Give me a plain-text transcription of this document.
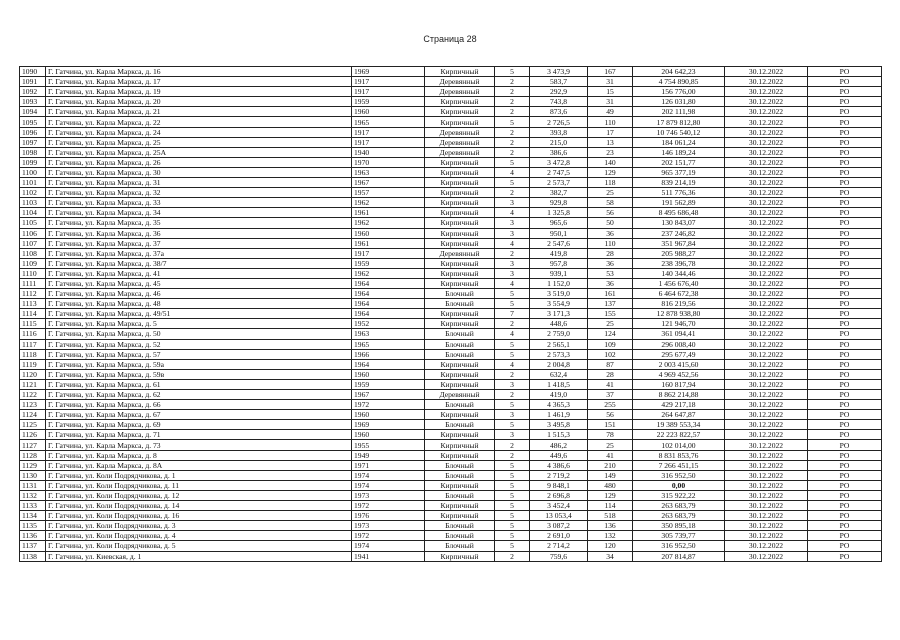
Страница 28
1090	Г. Гатчина, ул. Карла Маркса, д. 16	1969	Кирпичный	5	3 473,9	167	204 642,23	30.12.2022	РО
1091	Г. Гатчина, ул. Карла Маркса, д. 17	1917	Деревянный	2	583,7	31	4 754 890,85	30.12.2022	РО
1092	Г. Гатчина, ул. Карла Маркса, д. 19	1917	Деревянный	2	292,9	15	156 776,00	30.12.2022	РО
1093	Г. Гатчина, ул. Карла Маркса, д. 20	1959	Кирпичный	2	743,8	31	126 031,80	30.12.2022	РО
1094	Г. Гатчина, ул. Карла Маркса, д. 21	1960	Кирпичный	2	873,6	49	202 111,98	30.12.2022	РО
1095	Г. Гатчина, ул. Карла Маркса, д. 22	1965	Кирпичный	5	2 726,5	110	17 879 812,80	30.12.2022	РО
1096	Г. Гатчина, ул. Карла Маркса, д. 24	1917	Деревянный	2	393,8	17	10 746 540,12	30.12.2022	РО
1097	Г. Гатчина, ул. Карла Маркса, д. 25	1917	Деревянный	2	215,0	13	184 061,24	30.12.2022	РО
1098	Г. Гатчина, ул. Карла Маркса, д. 25А	1940	Деревянный	2	386,6	23	146 189,24	30.12.2022	РО
1099	Г. Гатчина, ул. Карла Маркса, д. 26	1970	Кирпичный	5	3 472,8	140	202 151,77	30.12.2022	РО
1100	Г. Гатчина, ул. Карла Маркса, д. 30	1963	Кирпичный	4	2 747,5	129	965 377,19	30.12.2022	РО
1101	Г. Гатчина, ул. Карла Маркса, д. 31	1967	Кирпичный	5	2 573,7	118	839 214,19	30.12.2022	РО
1102	Г. Гатчина, ул. Карла Маркса, д. 32	1957	Кирпичный	2	382,7	25	511 776,36	30.12.2022	РО
1103	Г. Гатчина, ул. Карла Маркса, д. 33	1962	Кирпичный	3	929,8	58	191 562,89	30.12.2022	РО
1104	Г. Гатчина, ул. Карла Маркса, д. 34	1961	Кирпичный	4	1 325,8	56	8 495 686,48	30.12.2022	РО
1105	Г. Гатчина, ул. Карла Маркса, д. 35	1962	Кирпичный	3	965,6	50	130 843,07	30.12.2022	РО
1106	Г. Гатчина, ул. Карла Маркса, д. 36	1960	Кирпичный	3	950,1	36	237 246,82	30.12.2022	РО
1107	Г. Гатчина, ул. Карла Маркса, д. 37	1961	Кирпичный	4	2 547,6	110	351 967,84	30.12.2022	РО
1108	Г. Гатчина, ул. Карла Маркса, д. 37а	1917	Деревянный	2	419,8	28	205 988,27	30.12.2022	РО
1109	Г. Гатчина, ул. Карла Маркса, д. 38/7	1959	Кирпичный	3	957,8	36	238 396,78	30.12.2022	РО
1110	Г. Гатчина, ул. Карла Маркса, д. 41	1962	Кирпичный	3	939,1	53	140 344,46	30.12.2022	РО
1111	Г. Гатчина, ул. Карла Маркса, д. 45	1964	Кирпичный	4	1 152,0	36	1 456 676,40	30.12.2022	РО
1112	Г. Гатчина, ул. Карла Маркса, д. 46	1964	Блочный	5	3 519,0	161	6 464 672,38	30.12.2022	РО
1113	Г. Гатчина, ул. Карла Маркса, д. 48	1964	Блочный	5	3 554,9	137	816 219,56	30.12.2022	РО
1114	Г. Гатчина, ул. Карла Маркса, д. 49/51	1964	Кирпичный	7	3 171,3	155	12 878 938,80	30.12.2022	РО
1115	Г. Гатчина, ул. Карла Маркса, д. 5	1952	Кирпичный	2	448,6	25	121 946,70	30.12.2022	РО
1116	Г. Гатчина, ул. Карла Маркса, д. 50	1963	Блочный	4	2 759,0	124	361 094,41	30.12.2022	РО
1117	Г. Гатчина, ул. Карла Маркса, д. 52	1965	Блочный	5	2 565,1	109	296 008,40	30.12.2022	РО
1118	Г. Гатчина, ул. Карла Маркса, д. 57	1966	Блочный	5	2 573,3	102	295 677,49	30.12.2022	РО
1119	Г. Гатчина, ул. Карла Маркса, д. 59а	1964	Кирпичный	4	2 004,8	87	2 003 415,60	30.12.2022	РО
1120	Г. Гатчина, ул. Карла Маркса, д. 59в	1960	Кирпичный	2	632,4	28	4 969 452,56	30.12.2022	РО
1121	Г. Гатчина, ул. Карла Маркса, д. 61	1959	Кирпичный	3	1 418,5	41	160 817,94	30.12.2022	РО
1122	Г. Гатчина, ул. Карла Маркса, д. 62	1967	Деревянный	2	419,0	37	8 862 214,88	30.12.2022	РО
1123	Г. Гатчина, ул. Карла Маркса, д. 66	1972	Блочный	5	4 365,3	255	429 217,18	30.12.2022	РО
1124	Г. Гатчина, ул. Карла Маркса, д. 67	1960	Кирпичный	3	1 461,9	56	264 647,87	30.12.2022	РО
1125	Г. Гатчина, ул. Карла Маркса, д. 69	1969	Блочный	5	3 495,8	151	19 389 553,34	30.12.2022	РО
1126	Г. Гатчина, ул. Карла Маркса, д. 71	1960	Кирпичный	3	1 515,3	78	22 223 822,57	30.12.2022	РО
1127	Г. Гатчина, ул. Карла Маркса, д. 73	1955	Кирпичный	2	486,2	25	102 014,00	30.12.2022	РО
1128	Г. Гатчина, ул. Карла Маркса, д. 8	1949	Кирпичный	2	449,6	41	8 831 853,76	30.12.2022	РО
1129	Г. Гатчина, ул. Карла Маркса, д. 8А	1971	Блочный	5	4 386,6	210	7 266 451,15	30.12.2022	РО
1130	Г. Гатчина, ул. Коли Подрядчикова, д. 1	1974	Блочный	5	2 719,2	149	316 952,50	30.12.2022	РО
1131	Г. Гатчина, ул. Коли Подрядчикова, д. 11	1974	Кирпичный	5	9 848,1	480	0,00	30.12.2022	РО
1132	Г. Гатчина, ул. Коли Подрядчикова, д. 12	1973	Блочный	5	2 696,8	129	315 922,22	30.12.2022	РО
1133	Г. Гатчина, ул. Коли Подрядчикова, д. 14	1972	Кирпичный	5	3 452,4	114	263 683,79	30.12.2022	РО
1134	Г. Гатчина, ул. Коли Подрядчикова, д. 16	1976	Кирпичный	5	13 053,4	518	263 683,79	30.12.2022	РО
1135	Г. Гатчина, ул. Коли Подрядчикова, д. 3	1973	Блочный	5	3 087,2	136	350 895,18	30.12.2022	РО
1136	Г. Гатчина, ул. Коли Подрядчикова, д. 4	1972	Блочный	5	2 691,0	132	305 739,77	30.12.2022	РО
1137	Г. Гатчина, ул. Коли Подрядчикова, д. 5	1974	Блочный	5	2 714,2	120	316 952,50	30.12.2022	РО
1138	Г. Гатчина, ул. Киевская, д. 1	1941	Кирпичный	2	759,6	34	207 814,87	30.12.2022	РО
